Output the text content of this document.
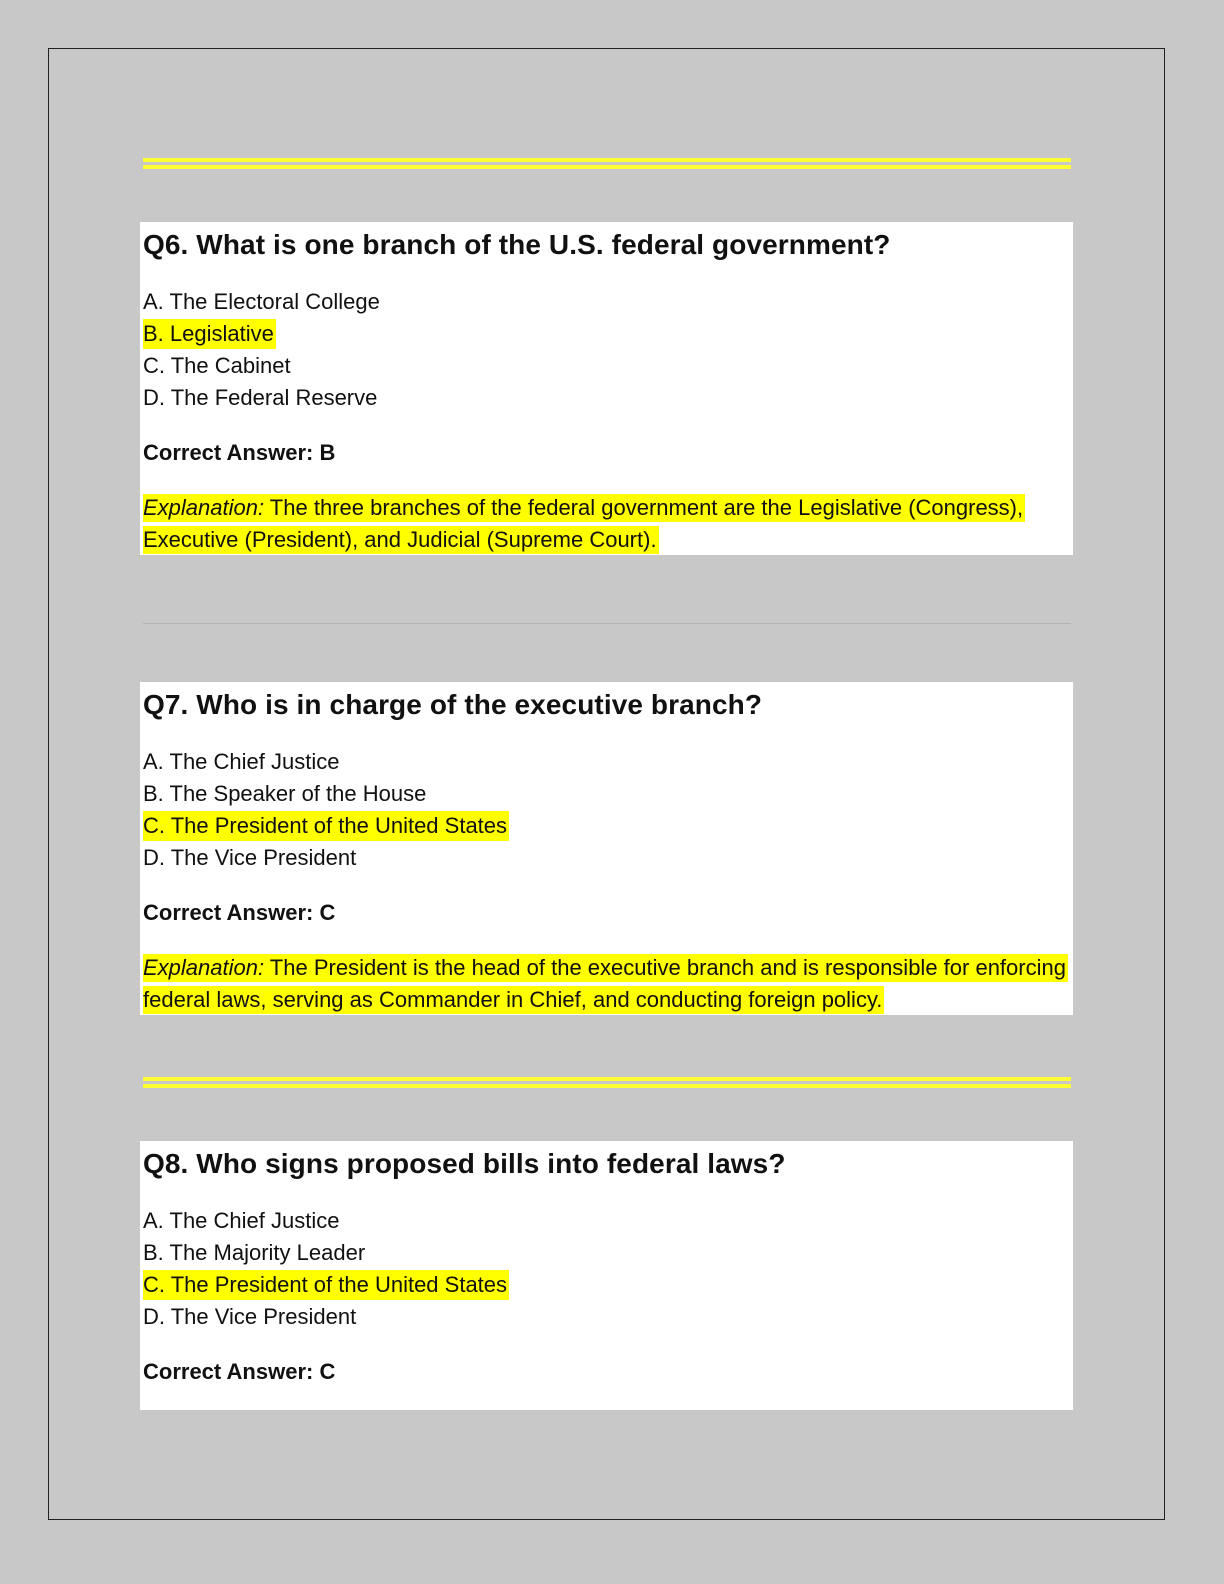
Q6. What is one branch of the U.S. federal government?
A. The Electoral College
B. Legislative
C. The Cabinet
D. The Federal Reserve
Correct Answer: B
Explanation: The three branches of the federal government are the Legislative (Congress), Executive (President), and Judicial (Supreme Court).
Q7. Who is in charge of the executive branch?
A. The Chief Justice
B. The Speaker of the House
C. The President of the United States
D. The Vice President
Correct Answer: C
Explanation: The President is the head of the executive branch and is responsible for enforcing federal laws, serving as Commander in Chief, and conducting foreign policy.
Q8. Who signs proposed bills into federal laws?
A. The Chief Justice
B. The Majority Leader
C. The President of the United States
D. The Vice President
Correct Answer: C
